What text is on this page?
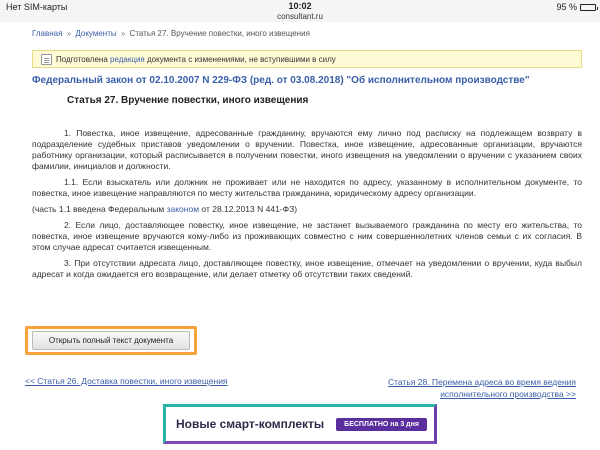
Нет SIM-карты	10:02
consultant.ru
95 %
Главная » Документы » Статья 27. Вручение повестки, иного извещения
Подготовлена
редакция
документа с изменениями, не вступившими в силу
Федеральный закон от 02.10.2007 N 229-ФЗ (ред. от 03.08.2018) "Об исполнительном производстве"
Статья 27. Вручение повестки, иного извещения

1. Повестка, иное извещение, адресованные гражданину, вручаются ему лично под расписку на подлежащем возврату в подразделение судебных приставов уведомлении о вручении. Повестка, иное извещение, адресованные организации, вручаются работнику организации, который расписывается в получении повестки, иного извещения на уведомлении о вручении с указанием своих фамилии, инициалов и должности.

1.1. Если взыскатель или должник не проживает или не находится по адресу, указанному в исполнительном документе, то повестка, иное извещение направляются по месту жительства гражданина, юридическому адресу организации.

(часть 1.1 введена Федеральным законом от 28.12.2013 N 441-ФЗ)

2. Если лицо, доставляющее повестку, иное извещение, не застанет вызываемого гражданина по месту его жительства, то повестка, иное извещение вручаются кому-либо из проживающих совместно с ним совершеннолетних членов семьи с их согласия. В этом случае адресат считается извещенным.

3. При отсутствии адресата лицо, доставляющее повестку, иное извещение, отмечает на уведомлении о вручении, куда выбыл адресат и когда ожидается его возвращение, или делает отметку об отсутствии таких сведений.

Открыть полный текст документа
<< Статья 26. Доставка повестки, иного извещения	Статья 28. Перемена адреса во время ведения
исполнительного производства >>
Новые смарт-комплекты	БЕСПЛАТНО на 3 дня
